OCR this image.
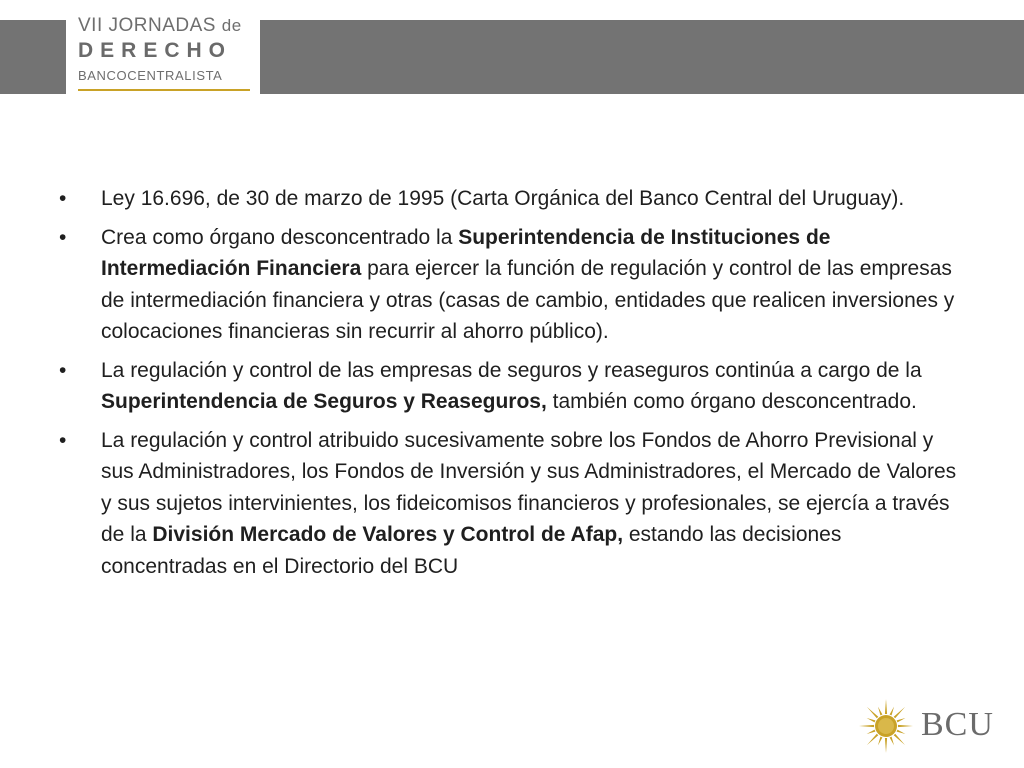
VII JORNADAS de
DERECHO
BANCOCENTRALISTA
• Ley 16.696, de 30 de marzo de 1995 (Carta Orgánica del Banco Central del Uruguay).
• Crea como órgano desconcentrado la Superintendencia de Instituciones de Intermediación Financiera para ejercer la función de regulación y control de las empresas de intermediación financiera y otras (casas de cambio, entidades que realicen inversiones y colocaciones financieras sin recurrir al ahorro público).
• La regulación y control de las empresas de seguros y reaseguros continúa a cargo de la Superintendencia de Seguros y Reaseguros, también como órgano desconcentrado.
• La regulación y control atribuido sucesivamente sobre los Fondos de Ahorro Previsional y sus Administradores, los Fondos de Inversión y sus Administradores, el Mercado de Valores y sus sujetos intervinientes, los fideicomisos financieros y profesionales, se ejercía a través de la División Mercado de Valores y Control de Afap, estando las decisiones concentradas en el Directorio del BCU
BCU
